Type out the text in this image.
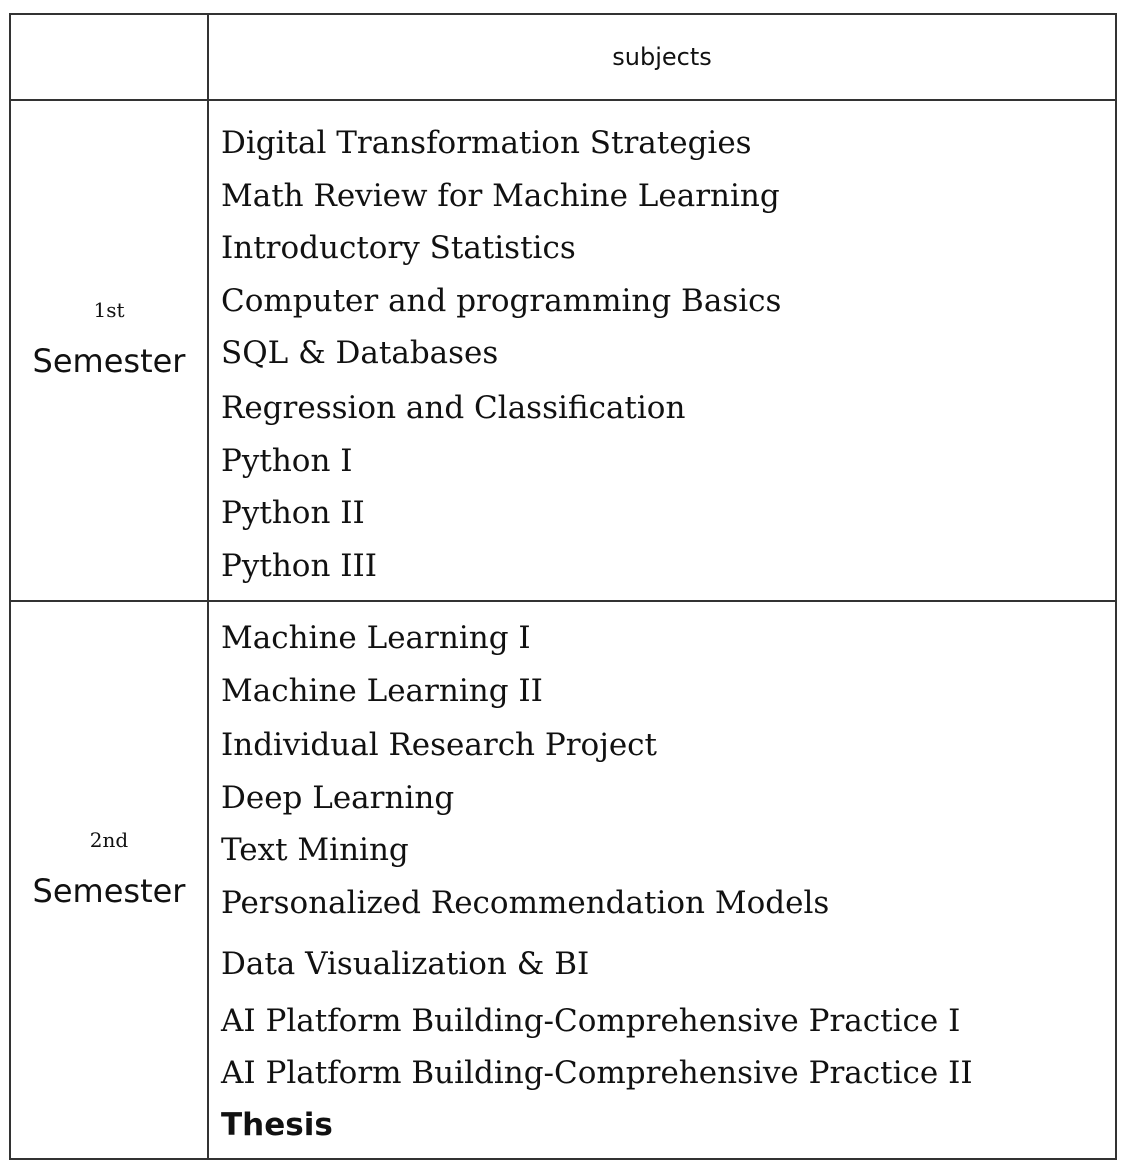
subjects
1st
Semester
Digital Transformation Strategies
Math Review for Machine Learning
Introductory Statistics
Computer and programming Basics
SQL & Databases
Regression and Classification
Python I
Python II
Python III
2nd
Semester
Machine Learning I
Machine Learning II
Individual Research Project
Deep Learning
Text Mining
Personalized Recommendation Models
Data Visualization & BI
AI Platform Building-Comprehensive Practice I
AI Platform Building-Comprehensive Practice II
Thesis
